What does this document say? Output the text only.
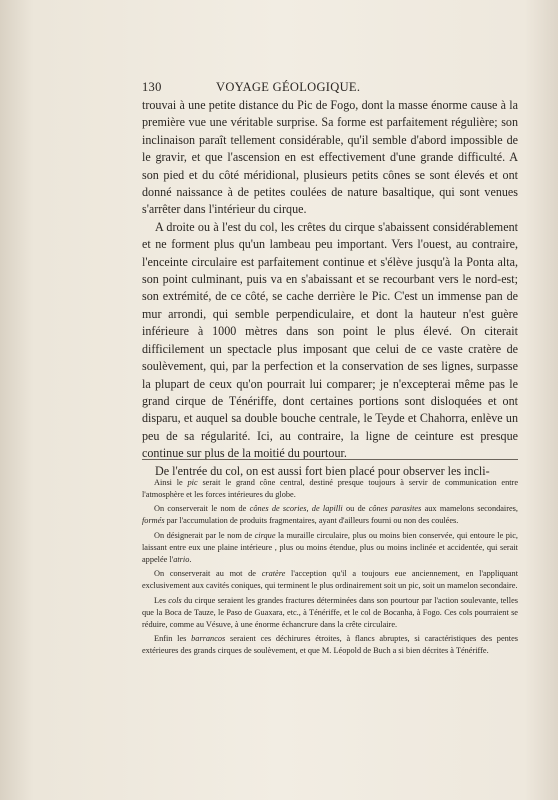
130	VOYAGE GÉOLOGIQUE.

trouvai à une petite distance du Pic de Fogo, dont la masse énorme cause à la première vue une véritable surprise. Sa forme est parfaitement régulière; son inclinaison paraît tellement considérable, qu'il semble d'abord impossible de le gravir, et que l'ascension en est effectivement d'une grande difficulté. A son pied et du côté méridional, plusieurs petits cônes se sont élevés et ont donné naissance à de petites coulées de nature basaltique, qui sont venues s'arrêter dans l'intérieur du cirque.

A droite ou à l'est du col, les crêtes du cirque s'abaissent considérablement et ne forment plus qu'un lambeau peu important. Vers l'ouest, au contraire, l'enceinte circulaire est parfaitement continue et s'élève jusqu'à la Ponta alta, son point culminant, puis va en s'abaissant et se recourbant vers le nord-est; son extrémité, de ce côté, se cache derrière le Pic. C'est un immense pan de mur arrondi, qui semble perpendiculaire, et dont la hauteur n'est guère inférieure à 1000 mètres dans son point le plus élevé. On citerait difficilement un spectacle plus imposant que celui de ce vaste cratère de soulèvement, qui, par la perfection et la conservation de ses lignes, surpasse la plupart de ceux qu'on pourrait lui comparer; je n'excepterai même pas le grand cirque de Ténériffe, dont certaines portions sont disloquées et ont disparu, et auquel sa double bouche centrale, le Teyde et Chahorra, enlève un peu de sa régularité. Ici, au contraire, la ligne de ceinture est presque continue sur plus de la moitié du pourtour.

De l'entrée du col, on est aussi fort bien placé pour observer les incli-

Ainsi le pic serait le grand cône central, destiné presque toujours à servir de communication entre l'atmosphère et les forces intérieures du globe.

On conserverait le nom de cônes de scories, de lapilli ou de cônes parasites aux mamelons secondaires, formés par l'accumulation de produits fragmentaires, ayant d'ailleurs fourni ou non des coulées.

On désignerait par le nom de cirque la muraille circulaire, plus ou moins bien conservée, qui entoure le pic, laissant entre eux une plaine intérieure , plus ou moins étendue, plus ou moins inclinée et accidentée, qui serait appelée l'atrio.

On conserverait au mot de cratère l'acception qu'il a toujours eue anciennement, en l'appliquant exclusivement aux cavités coniques, qui terminent le plus ordinairement soit un pic, soit un mamelon secondaire.

Les cols du cirque seraient les grandes fractures déterminées dans son pourtour par l'action soulevante, telles que la Boca de Tauze, le Paso de Guaxara, etc., à Ténériffe, et le col de Bocanha, à Fogo. Ces cols pourraient se réduire, comme au Vésuve, à une énorme échancrure dans la crête circulaire.

Enfin les barrancos seraient ces déchirures étroites, à flancs abruptes, si caractéristiques des pentes extérieures des grands cirques de soulèvement, et que M. Léopold de Buch a si bien décrites à Ténériffe.
